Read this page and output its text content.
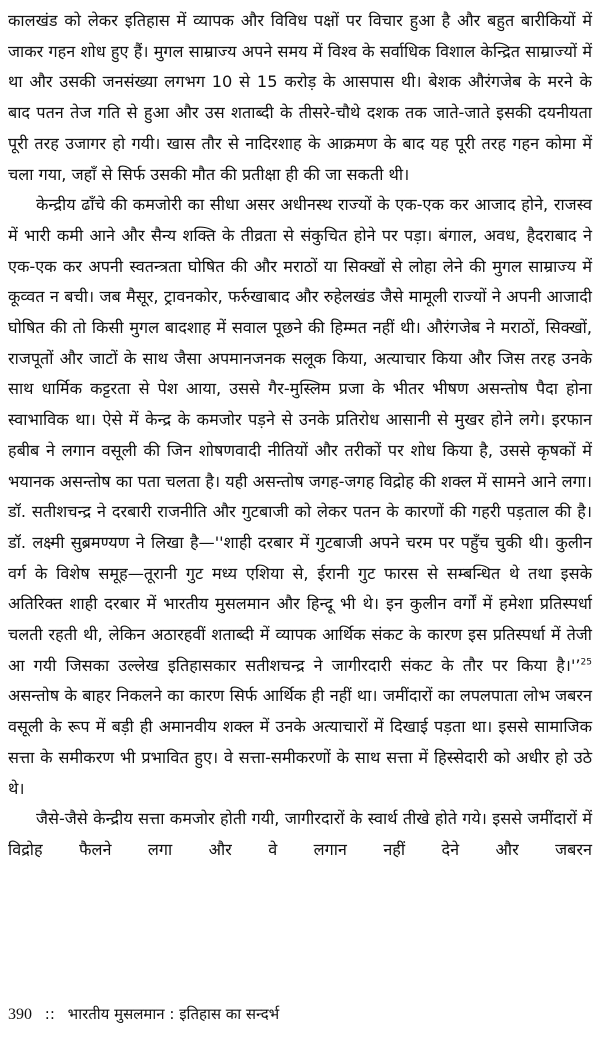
कालखंड को लेकर इतिहास में व्यापक और विविध पक्षों पर विचार हुआ है और बहुत बारीकियों में जाकर गहन शोध हुए हैं। मुगल साम्राज्य अपने समय में विश्व के सर्वाधिक विशाल केन्द्रित साम्राज्यों में था और उसकी जनसंख्या लगभग 10 से 15 करोड़ के आसपास थी। बेशक औरंगजेब के मरने के बाद पतन तेज गति से हुआ और उस शताब्दी के तीसरे-चौथे दशक तक जाते-जाते इसकी दयनीयता पूरी तरह उजागर हो गयी। खास तौर से नादिरशाह के आक्रमण के बाद यह पूरी तरह गहन कोमा में चला गया, जहाँ से सिर्फ उसकी मौत की प्रतीक्षा ही की जा सकती थी।

केन्द्रीय ढाँचे की कमजोरी का सीधा असर अधीनस्थ राज्यों के एक-एक कर आजाद होने, राजस्व में भारी कमी आने और सैन्य शक्ति के तीव्रता से संकुचित होने पर पड़ा। बंगाल, अवध, हैदराबाद ने एक-एक कर अपनी स्वतन्त्रता घोषित की और मराठों या सिक्खों से लोहा लेने की मुगल साम्राज्य में कूव्वत न बची। जब मैसूर, ट्रावनकोर, फर्रुखाबाद और रुहेलखंड जैसे मामूली राज्यों ने अपनी आजादी घोषित की तो किसी मुगल बादशाह में सवाल पूछने की हिम्मत नहीं थी। औरंगजेब ने मराठों, सिक्खों, राजपूतों और जाटों के साथ जैसा अपमानजनक सलूक किया, अत्याचार किया और जिस तरह उनके साथ धार्मिक कट्टरता से पेश आया, उससे गैर-मुस्लिम प्रजा के भीतर भीषण असन्तोष पैदा होना स्वाभाविक था। ऐसे में केन्द्र के कमजोर पड़ने से उनके प्रतिरोध आसानी से मुखर होने लगे। इरफान हबीब ने लगान वसूली की जिन शोषणवादी नीतियों और तरीकों पर शोध किया है, उससे कृषकों में भयानक असन्तोष का पता चलता है। यही असन्तोष जगह-जगह विद्रोह की शक्ल में सामने आने लगा। डॉ. सतीशचन्द्र ने दरबारी राजनीति और गुटबाजी को लेकर पतन के कारणों की गहरी पड़ताल की है। डॉ. लक्ष्मी सुब्रमण्यण ने लिखा है—''शाही दरबार में गुटबाजी अपने चरम पर पहुँच चुकी थी। कुलीन वर्ग के विशेष समूह—तूरानी गुट मध्य एशिया से, ईरानी गुट फारस से सम्बन्धित थे तथा इसके अतिरिक्त शाही दरबार में भारतीय मुसलमान और हिन्दू भी थे। इन कुलीन वर्गों में हमेशा प्रतिस्पर्धा चलती रहती थी, लेकिन अठारहवीं शताब्दी में व्यापक आर्थिक संकट के कारण इस प्रतिस्पर्धा में तेजी आ गयी जिसका उल्लेख इतिहासकार सतीशचन्द्र ने जागीरदारी संकट के तौर पर किया है।'’$^{25}$ असन्तोष के बाहर निकलने का कारण सिर्फ आर्थिक ही नहीं था। जमींदारों का लपलपाता लोभ जबरन वसूली के रूप में बड़ी ही अमानवीय शक्ल में उनके अत्याचारों में दिखाई पड़ता था। इससे सामाजिक सत्ता के समीकरण भी प्रभावित हुए। वे सत्ता-समीकरणों के साथ सत्ता में हिस्सेदारी को अधीर हो उठे थे।

जैसे-जैसे केन्द्रीय सत्ता कमजोर होती गयी, जागीरदारों के स्वार्थ तीखे होते गये। इससे जमींदारों में विद्रोह फैलने लगा और वे लगान नहीं देने और जबरन

390 :: भारतीय मुसलमान : इतिहास का सन्दर्भ
